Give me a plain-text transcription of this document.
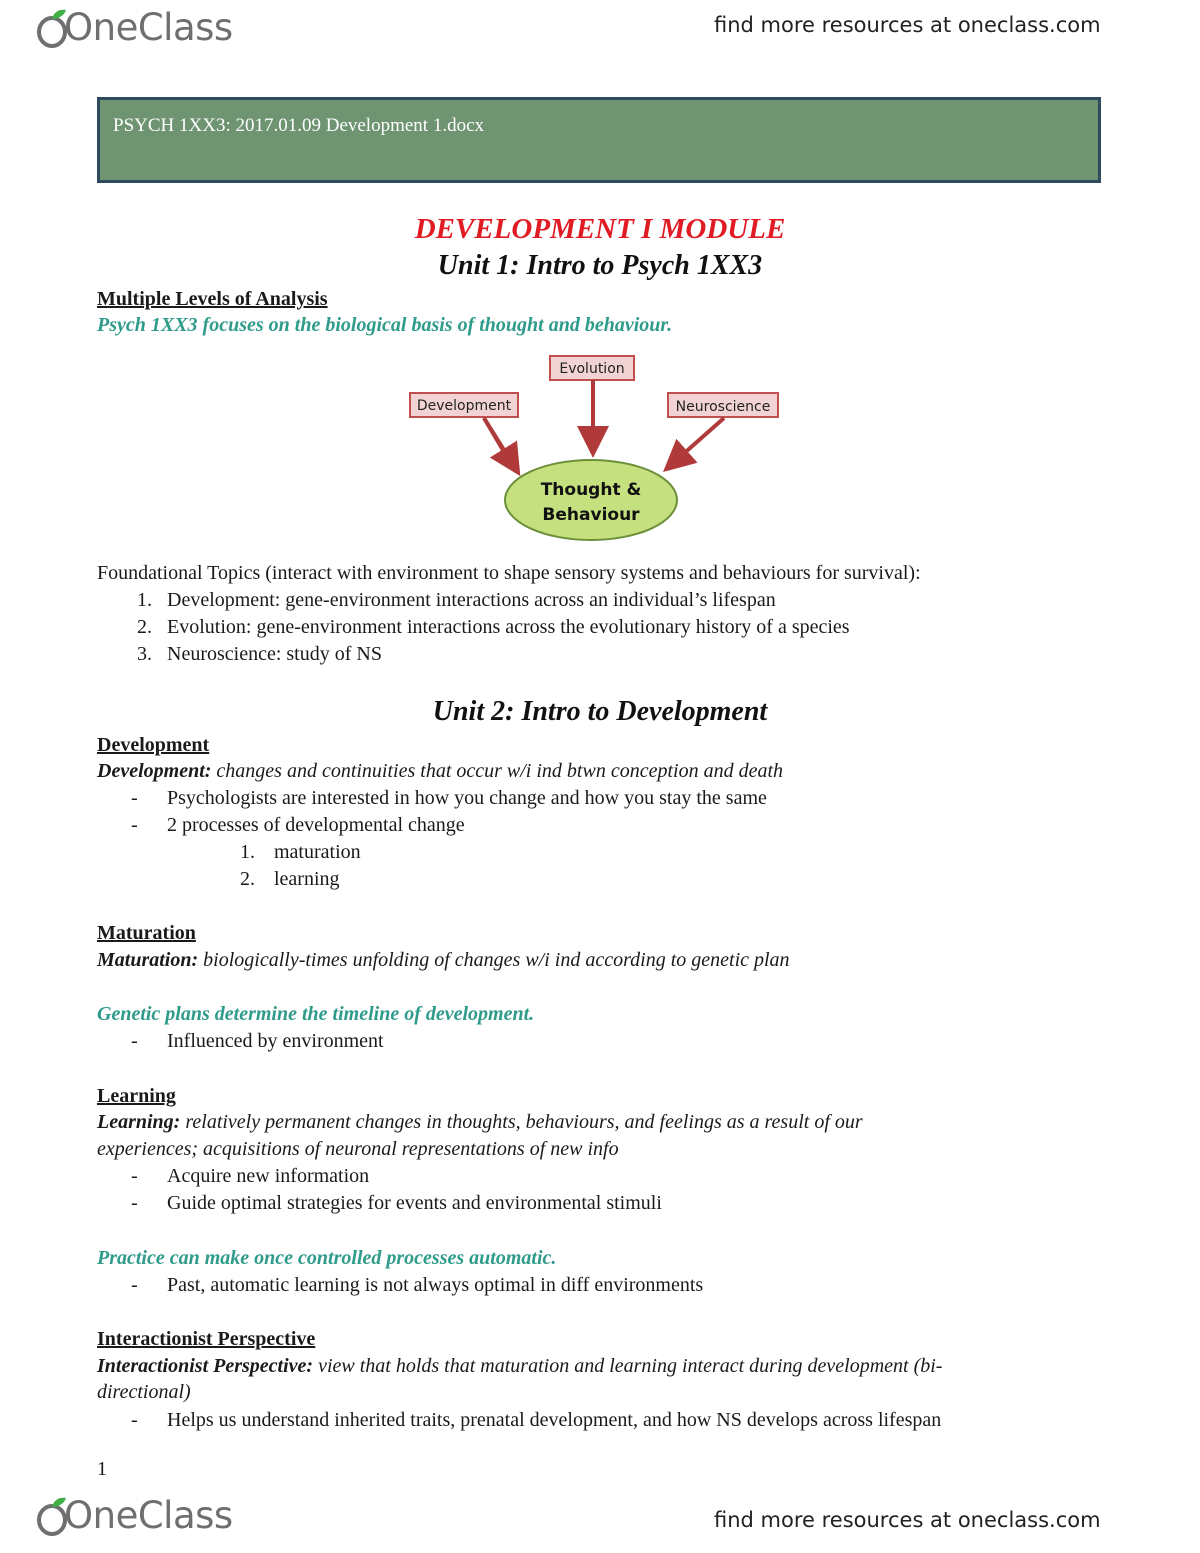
OneClass	find more resources at oneclass.com
PSYCH 1XX3: 2017.01.09 Development 1.docx
DEVELOPMENT I MODULE
Unit 1: Intro to Psych 1XX3
Multiple Levels of Analysis
Psych 1XX3 focuses on the biological basis of thought and behaviour.
Evolution
Development	Neuroscience
Thought &
Behaviour
Foundational Topics (interact with environment to shape sensory systems and behaviours for survival):
1. Development: gene-environment interactions across an individual’s lifespan
2. Evolution: gene-environment interactions across the evolutionary history of a species
3. Neuroscience: study of NS
Unit 2: Intro to Development
Development
Development: changes and continuities that occur w/i ind btwn conception and death
- Psychologists are interested in how you change and how you stay the same
- 2 processes of developmental change
1. maturation
2. learning
Maturation
Maturation: biologically-times unfolding of changes w/i ind according to genetic plan
Genetic plans determine the timeline of development.
- Influenced by environment
Learning
Learning: relatively permanent changes in thoughts, behaviours, and feelings as a result of our
experiences; acquisitions of neuronal representations of new info
- Acquire new information
- Guide optimal strategies for events and environmental stimuli
Practice can make once controlled processes automatic.
- Past, automatic learning is not always optimal in diff environments
Interactionist Perspective
Interactionist Perspective: view that holds that maturation and learning interact during development (bi-
directional)
- Helps us understand inherited traits, prenatal development, and how NS develops across lifespan
1
OneClass	find more resources at oneclass.com
